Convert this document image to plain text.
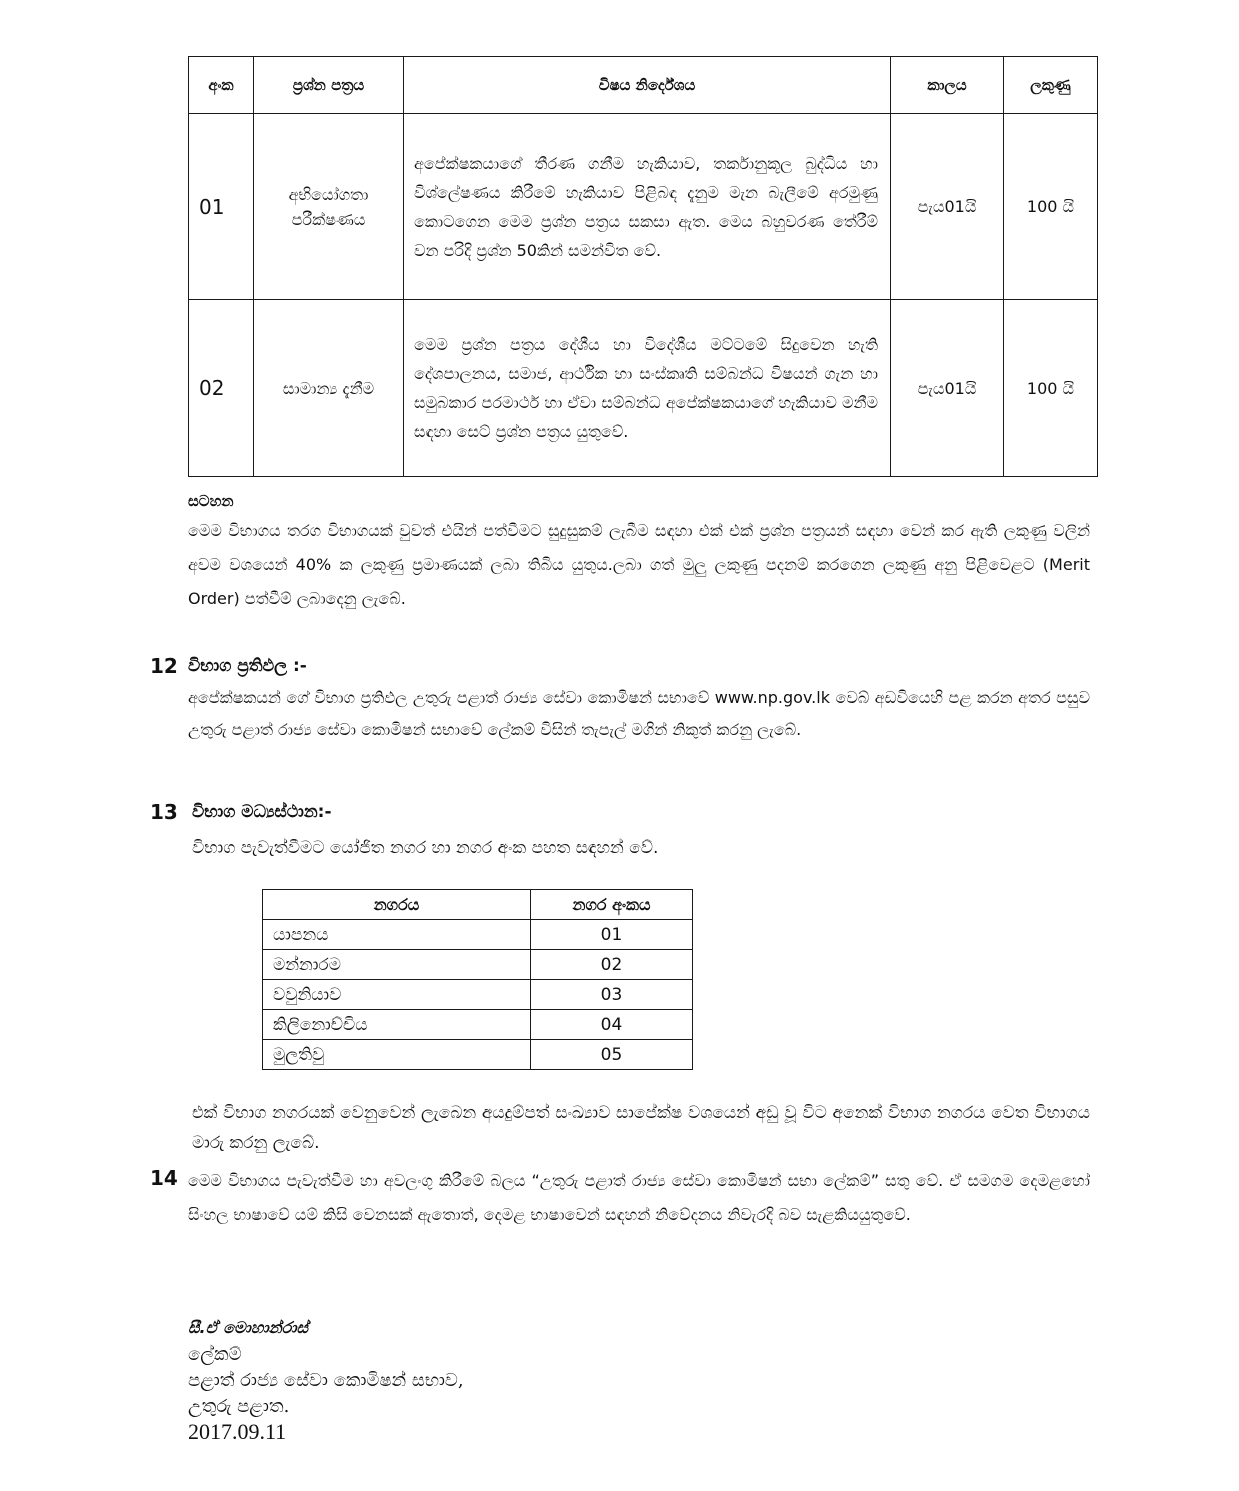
අංක	ප්‍රශ්න පත්‍රය	විෂය නිර්දේශය	කාලය	ලකුණු
01	අභියෝගතා පරීක්ෂණය	අපේක්ෂකයාගේ තීරණ ගනීම හැකියාව, තර්කානුකූල බුද්ධිය හා විශ්ලේෂණය කිරීමේ හැකියාව පිළිබඳ දැනුම මැන බැලීමේ අරමුණු කොටගෙන මෙම ප්‍රශ්න පත්‍රය සකසා ඇත. මෙය බහුවරණ තේරීම් වන පරිදි ප්‍රශ්න 50කින් සමන්විත වේ.	පැය01යි	100 යි
02	සාමාන්‍ය දැනීම	මෙම ප්‍රශ්න පත්‍රය දේශීය හා විදේශීය මට්ටමේ සිදුවෙන හැති දේශපාලනය, සමාජ, ආර්ථික හා සංස්කෘති සම්බන්ධ විෂයන් ගැන හා සමුබකාර පරමාර්ථ හා ඒවා සම්බන්ධ අපේක්ෂකයාගේ හැකියාව මනීම සඳහා සෙට් ප්‍රශ්න පත්‍රය යුතුවේ.	පැය01යි	100 යි
සටහන
මෙම විභාගය තරග විභාගයක් වුවත් එයින් පත්වීමට සුදුසුකම් ලැබීම සඳහා එක් එක් ප්‍රශ්න පත්‍රයන් සඳහා වෙන් කර ඇති ලකුණු වලින් අවම වශයෙන් 40% ක ලකුණු ප්‍රමාණයක් ලබා තිබිය යුතුය.ලබා ගත් මුලු ලකුණු පදනම් කරගෙන ලකුණු අනු පිළිවෙළට (Merit Order) පත්වීම් ලබාදෙනු ලැබේ.
12 විභාග ප්‍රතිඵල :-
අපේක්ෂකයන් ගේ විභාග ප්‍රතිඵල උතුරු පළාත් රාජ්‍ය සේවා කොමිෂන් සභාවේ www.np.gov.lk වෙබ් අඩවියෙහි පළ කරන අතර පසුව උතුරු පළාත් රාජ්‍ය සේවා කොමිෂන් සභාවේ ලේකම් විසින් තැපැල් මගින් නිකුත් කරනු ලැබේ.
13 විභාග මධ්‍යස්ථාන:-
විභාග පැවැත්වීමට යෝජිත නගර හා නගර අංක පහත සඳහන් වේ.
නගරය	නගර අංකය
යාපනය	01
මන්නාරම	02
වවුනියාව	03
කිලිනොච්චිය	04
මුලතිවු	05
එක් විභාග නගරයක් වෙනුවෙන් ලැබෙන අයදුම්පත් සංඛ්‍යාව සාපේක්ෂ වශයෙන් අඩු වූ විට අනෙක් විභාග නගරය වෙත විභාගය මාරු කරනු ලැබේ.
14 මෙම විභාගය පැවැත්වීම හා අවලංගු කිරීමේ බලය “උතුරු පළාත් රාජ්‍ය සේවා කොමිෂන් සභා ලේකම්” සතු වේ. ඒ සමගම දෙමළහෝ සිංහල භාෂාවේ යම් කිසි වෙනසක් ඇතොත්, දෙමළ භාෂාවෙන් සඳහන් නිවේදනය නිවැරදි බව සැළකියයුතුවේ.
සී.ඒ මොහාන්රාස්
ලේකම්
පළාත් රාජ්‍ය සේවා කොමිෂන් සභාව,
උතුරු පළාත.
2017.09.11
